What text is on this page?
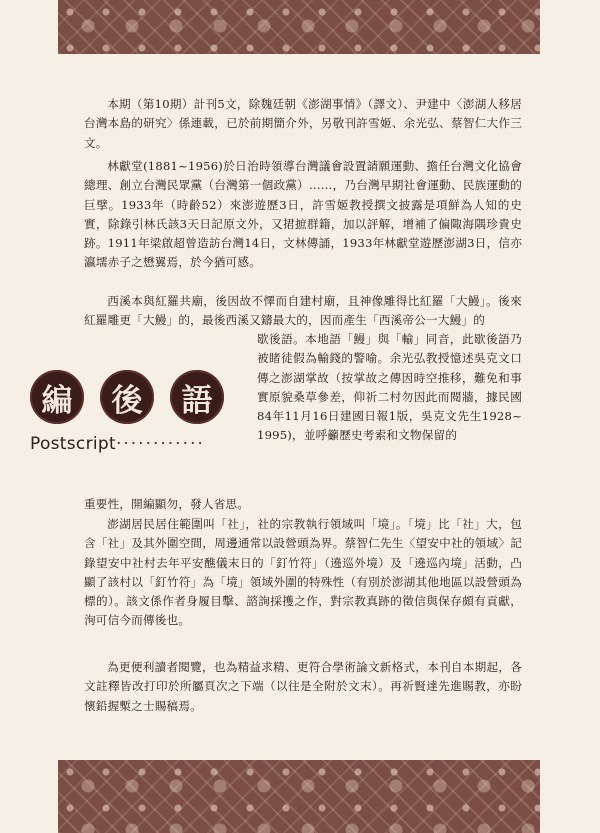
本期（第10期）計刊5文，除魏廷朝《澎湖事情》（譯文）、尹建中〈澎湖人移居台灣本島的研究〉係連載，已於前期簡介外，另敬刊許雪姬、余光弘、蔡智仁大作三文。

林獻堂(1881~1956)於日治時領導台灣議會設置請願運動、擔任台灣文化協會總理、創立台灣民眾黨（台灣第一個政黨）……，乃台灣早期社會運動、民族運動的巨擘。1933年（時齡52）來澎遊歷3日，許雪姬教授撰文披露是項鮮為人知的史實，除錄引林氏該3天日記原文外，又捃摭群籍，加以評解，增補了偏陬海隅珍貴史跡。1911年梁啟超曾造訪台灣14日，文林傳誦，1933年林獻堂遊歷澎湖3日，信亦瀛壖赤子之懋翼焉，於今猶可感。

西溪本與紅羅共廟，後因故不懌而自建村廟，且神像雕得比紅羅「大鰻」。後來紅羅雕更「大鰻」的，最後西溪又鑄最大的，因而產生「西溪帝公一大鰻」的

編	後	語
Postscript············

歇後語。本地語「鰻」與「輸」同音，此歇後語乃被睹徒假為輸錢的警喻。余光弘教授憶述吳克文口傳之澎湖掌故（按掌故之傳因時空推移，難免和事實原貌桑草參差，仰祈二村勿因此而閱牆，據民國84年11月16日建國日報1版，吳克文先生1928~ 1995)，並呼籲歷史考索和文物保留的

重要性，開編顯勿，發人省思。

澎湖居民居住範圍叫「社」，社的宗教執行領域叫「境」。「境」比「社」大，包含「社」及其外圍空間，周邊通常以設營頭為界。蔡智仁先生〈望安中社的領域〉記錄望安中社村去年平安醮儀末日的「釘竹符」（遶巡外境）及「遶巡內境」活動，凸顯了該村以「釘竹符」為「境」領域外圍的特殊性（有別於澎湖其他地區以設營頭為標的）。該文係作者身履目擊、諮詢採擭之作，對宗教真跡的徵信與保存頗有貢獻，洵可信今而傳後也。

為更便利讀者閱覽，也為精益求精、更符合學術論文新格式，本刊自本期起，各文註釋皆改打印於所屬頁次之下端（以往是全附於文末）。再祈賢達先進賜教，亦盼懷鉛握槧之士賜稿焉。
